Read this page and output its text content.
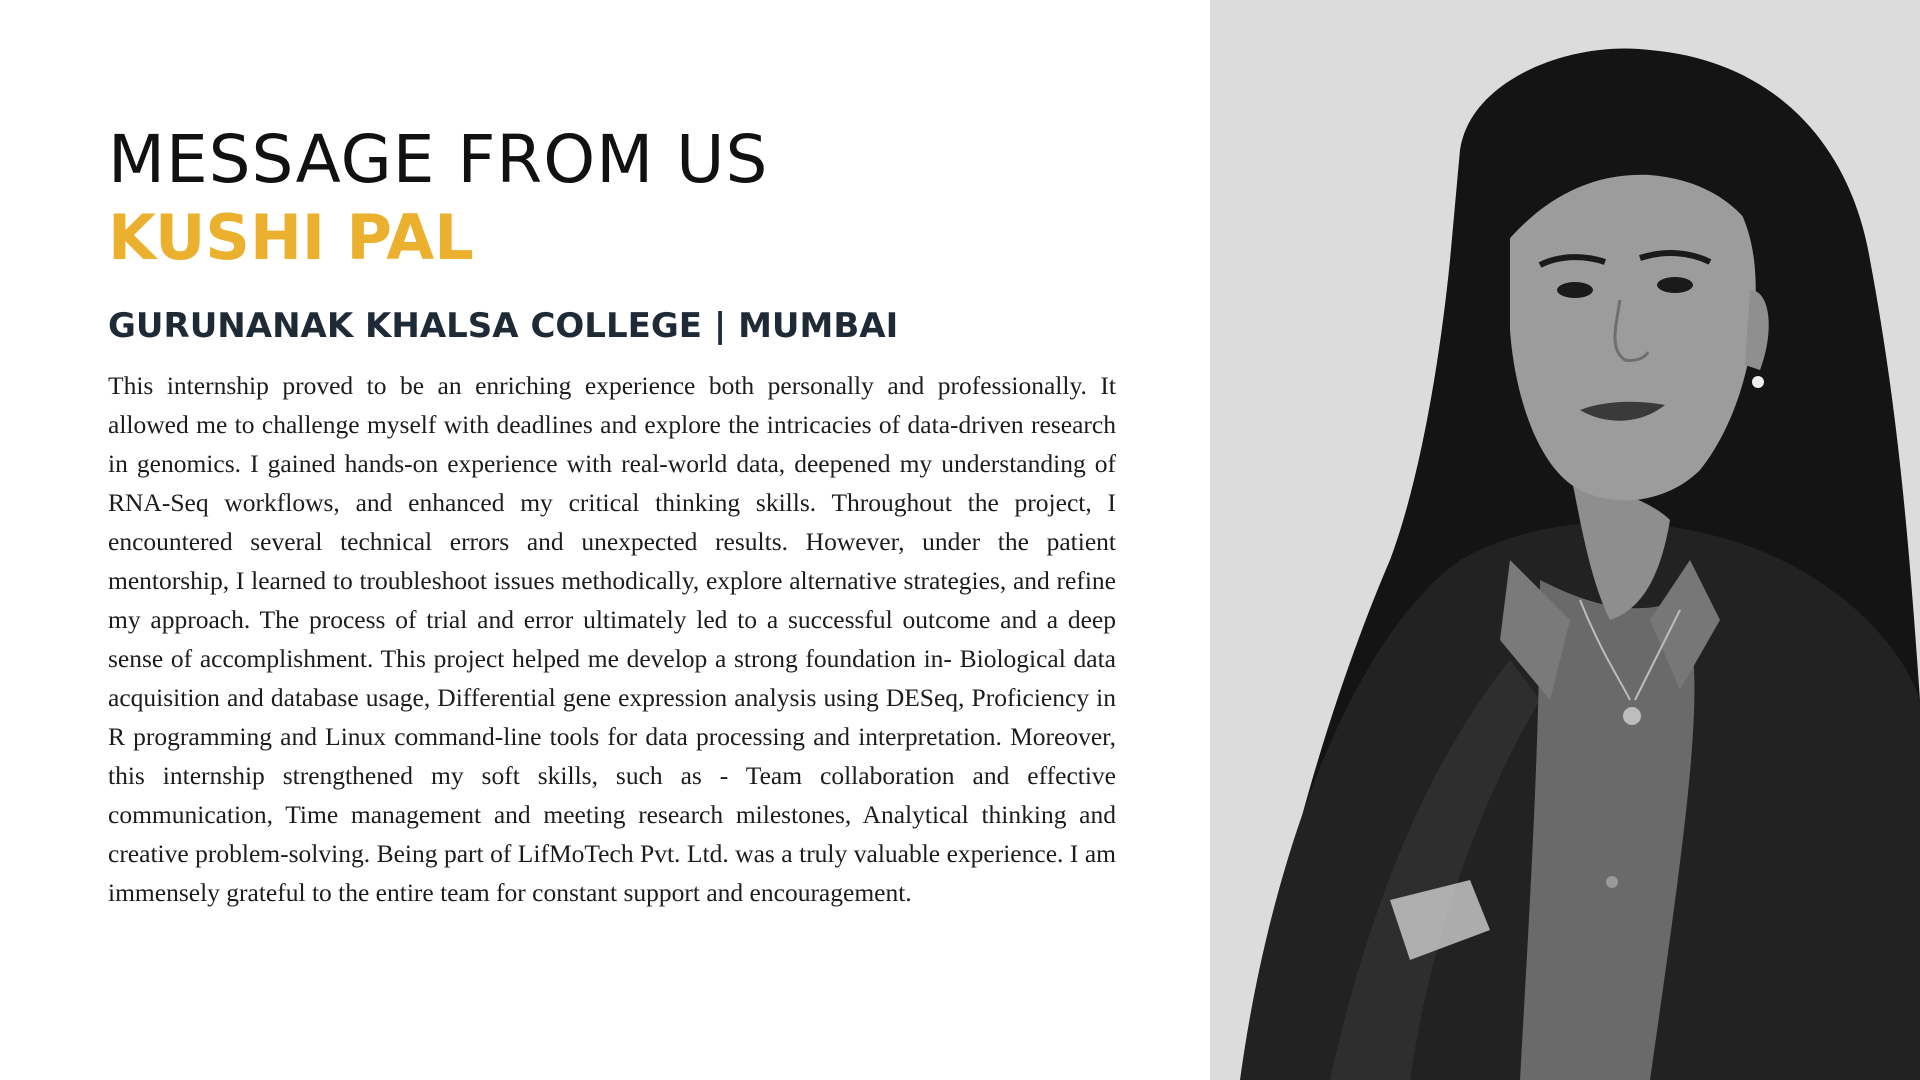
MESSAGE FROM US
KUSHI PAL
GURUNANAK KHALSA COLLEGE | MUMBAI

This internship proved to be an enriching experience both personally and professionally. It allowed me to challenge myself with deadlines and explore the intricacies of data-driven research in genomics. I gained hands-on experience with real-world data, deepened my understanding of RNA-Seq workflows, and enhanced my critical thinking skills. Throughout the project, I encountered several technical errors and unexpected results. However, under the patient mentorship, I learned to troubleshoot issues methodically, explore alternative strategies, and refine my approach. The process of trial and error ultimately led to a successful outcome and a deep sense of accomplishment. This project helped me develop a strong foundation in- Biological data acquisition and database usage, Differential gene expression analysis using DESeq, Proficiency in R programming and Linux command-line tools for data processing and interpretation. Moreover, this internship strengthened my soft skills, such as - Team collaboration and effective communication, Time management and meeting research milestones, Analytical thinking and creative problem-solving. Being part of LifMoTech Pvt. Ltd. was a truly valuable experience. I am immensely grateful to the entire team for constant support and encouragement.
